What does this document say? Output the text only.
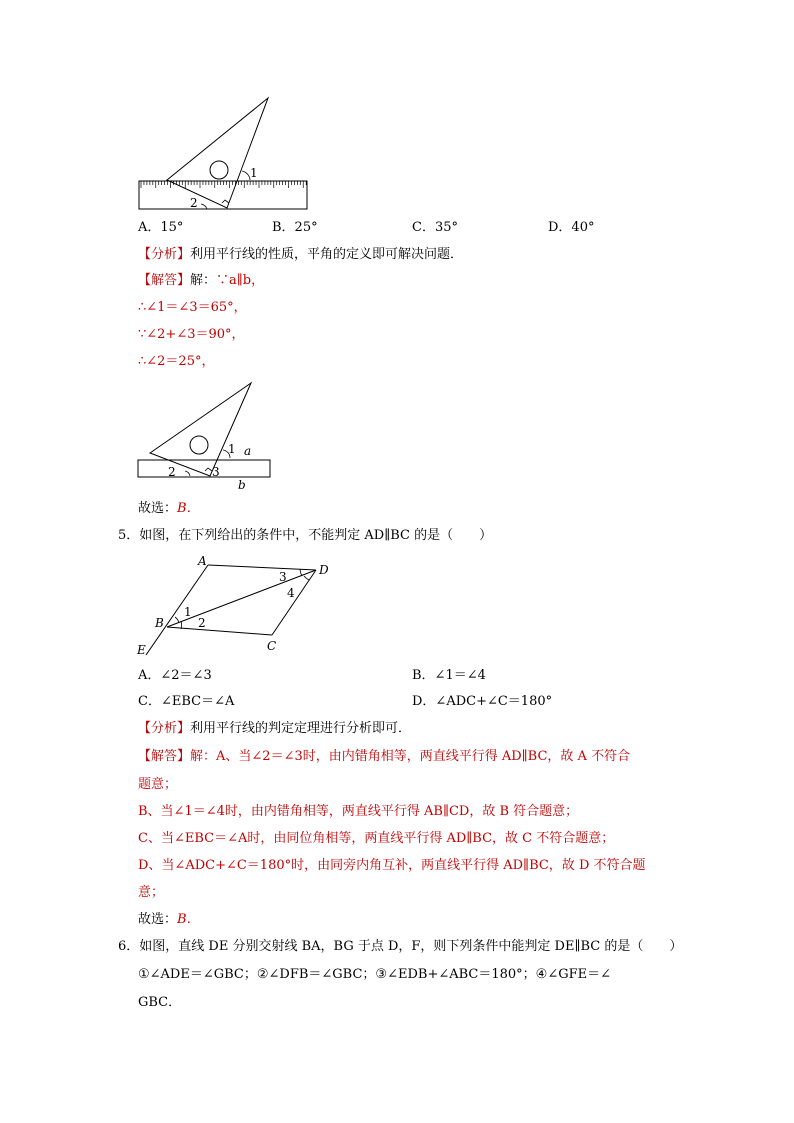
1
2
A．15°	B．25°	C．35°	D．40°
【分析】利用平行线的性质，平角的定义即可解决问题．
【解答】解：∵a∥b，
∴∠1＝∠3＝65°，
∵∠2+∠3＝90°，
∴∠2＝25°，
1 a
2	3
b
故选：B．
5．如图，在下列给出的条件中，不能判定 AD∥BC 的是（　　）
A
D
B
C
E
1
2
3
4
A．∠2＝∠3	B．∠1＝∠4
C．∠EBC＝∠A	D．∠ADC+∠C＝180°
【分析】利用平行线的判定定理进行分析即可．
【解答】解：A、当∠2＝∠3时，由内错角相等，两直线平行得 AD∥BC，故 A 不符合
题意；
B、当∠1＝∠4时，由内错角相等，两直线平行得 AB∥CD，故 B 符合题意；
C、当∠EBC＝∠A时，由同位角相等，两直线平行得 AD∥BC，故 C 不符合题意；
D、当∠ADC+∠C＝180°时，由同旁内角互补，两直线平行得 AD∥BC，故 D 不符合题
意；
故选：B．
6．如图，直线 DE 分别交射线 BA，BG 于点 D，F，则下列条件中能判定 DE∥BC 的是（　　）
①∠ADE＝∠GBC；②∠DFB＝∠GBC；③∠EDB+∠ABC＝180°；④∠GFE＝∠
GBC．
